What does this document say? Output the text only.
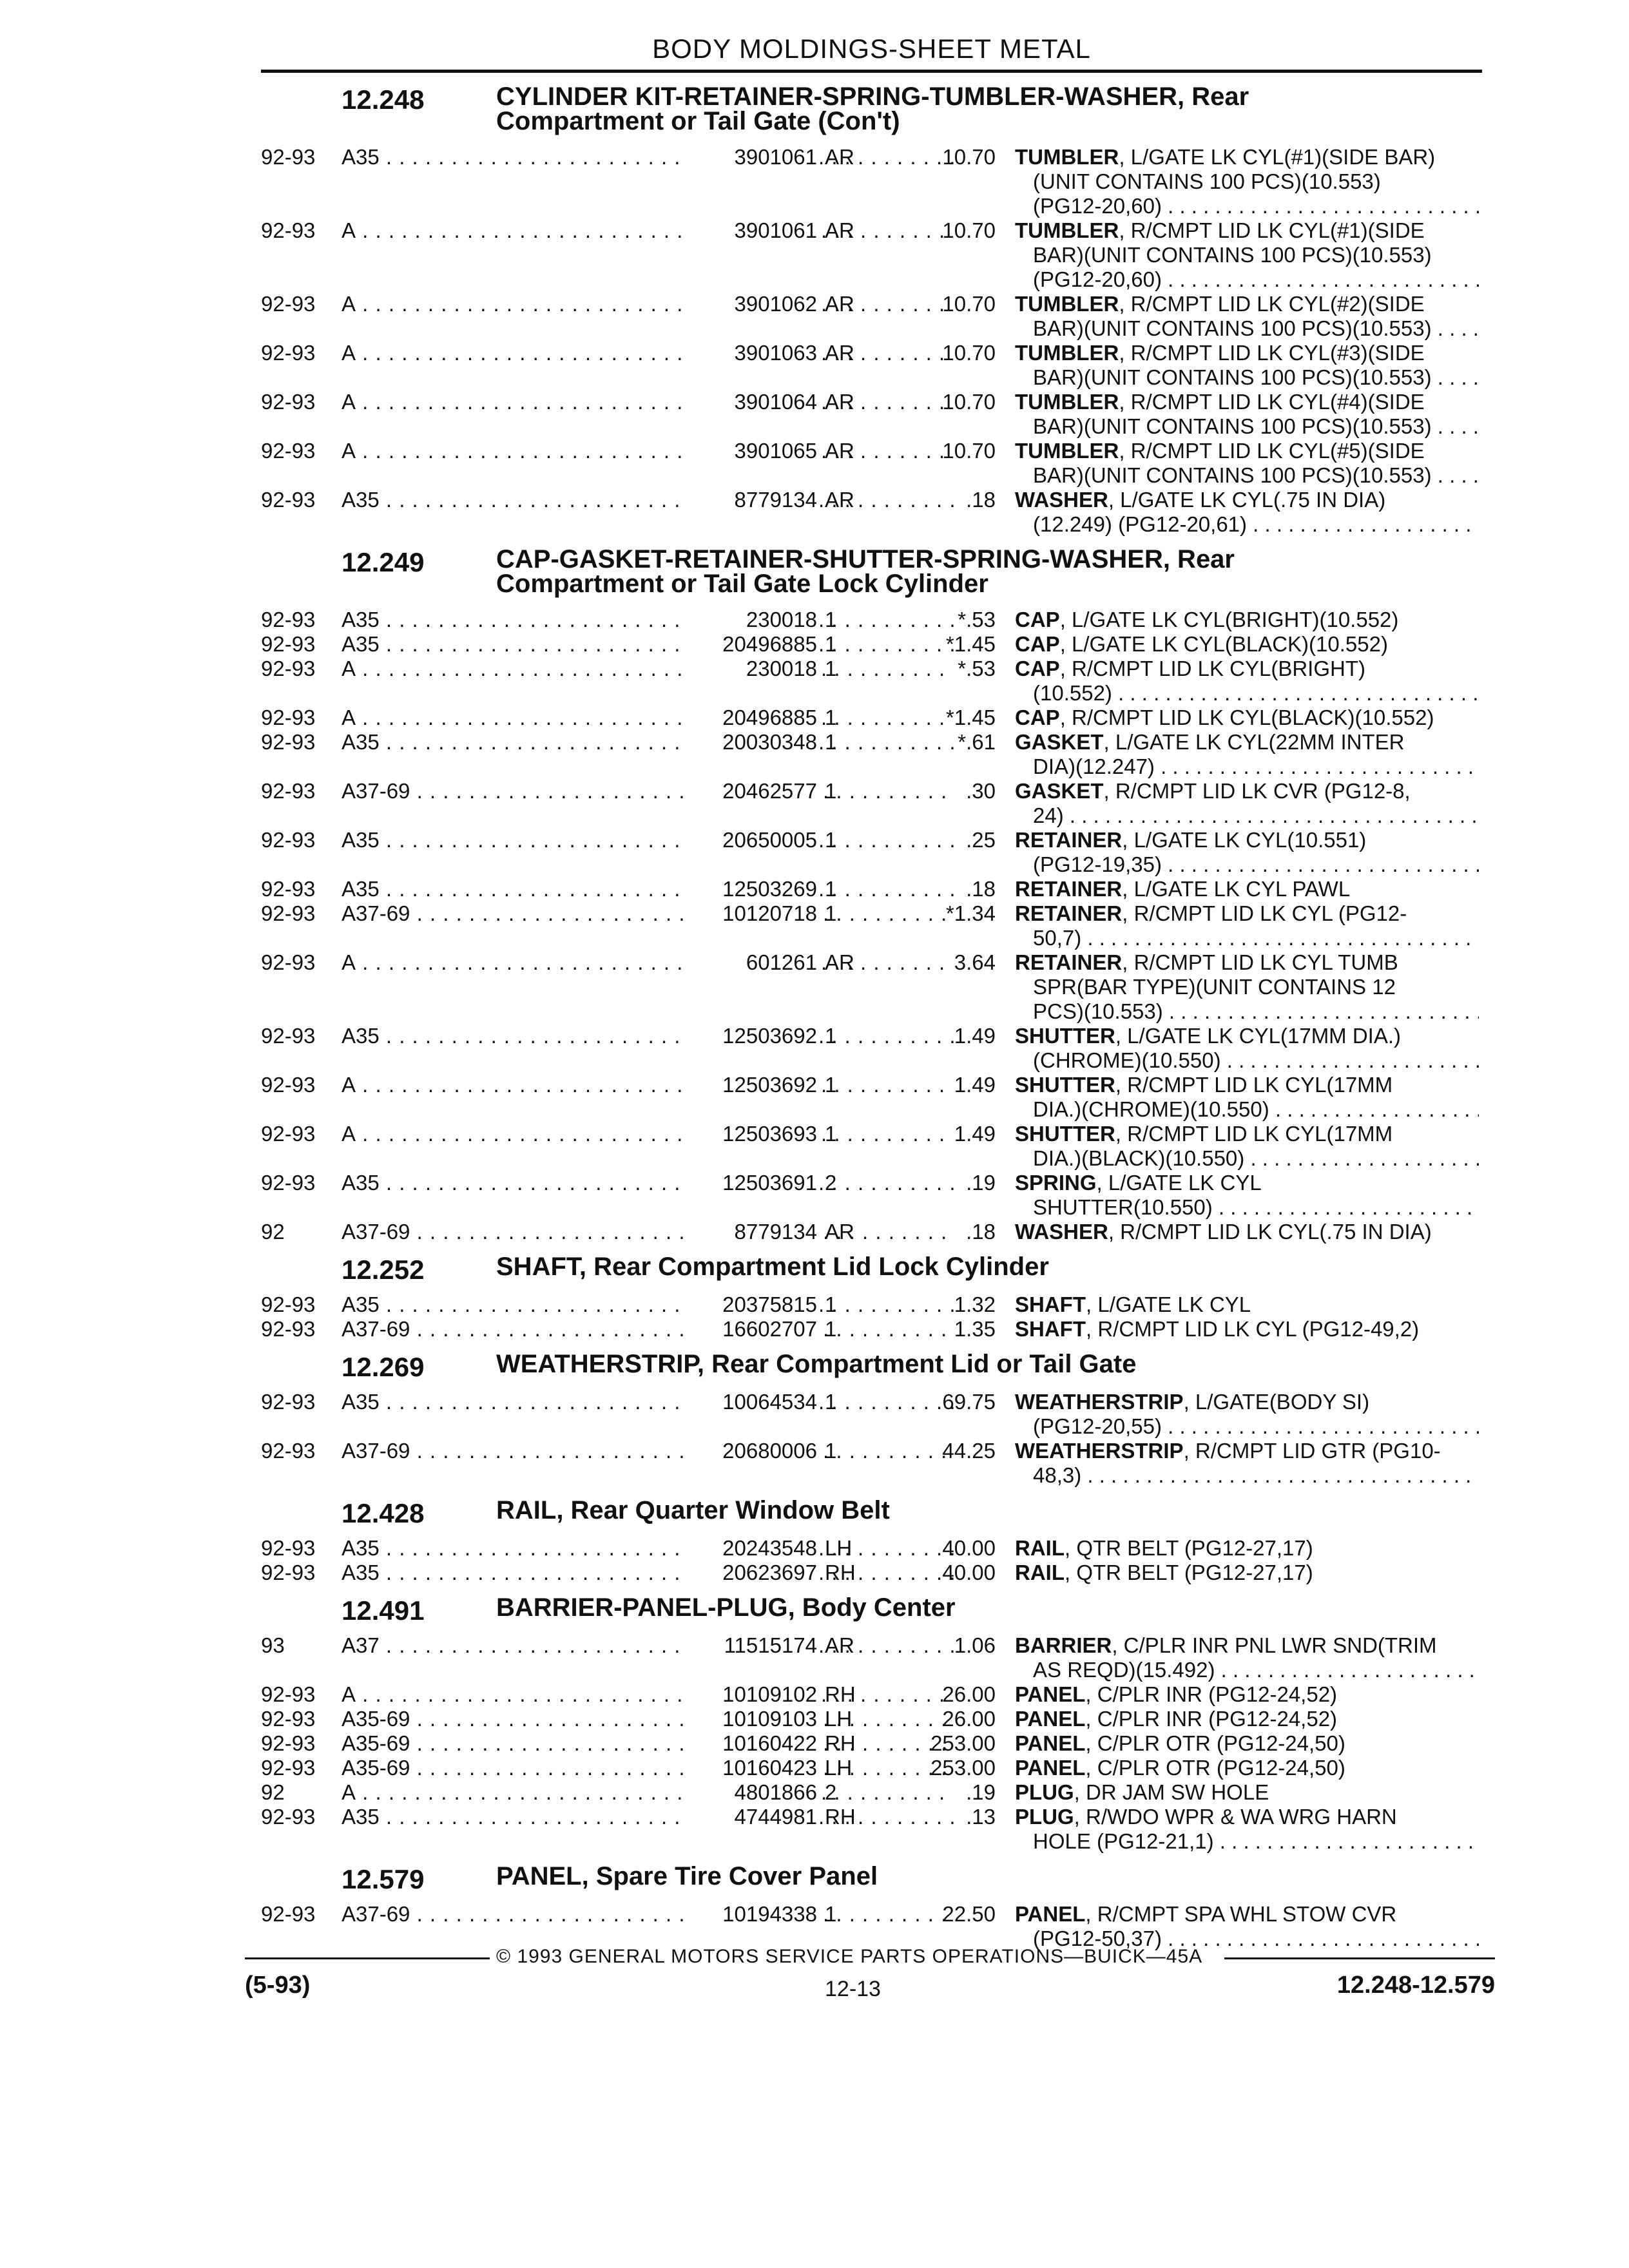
BODY MOLDINGS-SHEET METAL
12.248	CYLINDER KIT-RETAINER-SPRING-TUMBLER-WASHER, Rear
Compartment or Tail Gate (Con't)
92-93	A35 . . .	3901061 AR	10.70 TUMBLER, L/GATE LK CYL(#1)(SIDE BAR)
(UNIT CONTAINS 100 PCS)(10.553)
(PG12-20,60) . . .
92-93	A . . .	3901061 AR	10.70 TUMBLER, R/CMPT LID LK CYL(#1)(SIDE
BAR)(UNIT CONTAINS 100 PCS)(10.553)
(PG12-20,60) . . .
92-93	A . . .	3901062 AR	10.70 TUMBLER, R/CMPT LID LK CYL(#2)(SIDE
BAR)(UNIT CONTAINS 100 PCS)(10.553) . . .
92-93	A . . .	3901063 AR	10.70 TUMBLER, R/CMPT LID LK CYL(#3)(SIDE
BAR)(UNIT CONTAINS 100 PCS)(10.553) . . .
92-93	A . . .	3901064 AR	10.70 TUMBLER, R/CMPT LID LK CYL(#4)(SIDE
BAR)(UNIT CONTAINS 100 PCS)(10.553) . . .
92-93	A . . .	3901065 AR	10.70 TUMBLER, R/CMPT LID LK CYL(#5)(SIDE
BAR)(UNIT CONTAINS 100 PCS)(10.553) . . .
92-93	A35 . . .	8779134 AR	.18 WASHER, L/GATE LK CYL(.75 IN DIA)
(12.249) (PG12-20,61) . . .
12.249	CAP-GASKET-RETAINER-SHUTTER-SPRING-WASHER, Rear
Compartment or Tail Gate Lock Cylinder
92-93	A35 . . .	230018 1	*.53 CAP, L/GATE LK CYL(BRIGHT)(10.552)
92-93	A35 . . .	20496885 1	*1.45 CAP, L/GATE LK CYL(BLACK)(10.552)
92-93	A . . .	230018 1	*.53 CAP, R/CMPT LID LK CYL(BRIGHT)
(10.552) . . .
92-93	A . . .	20496885 1	*1.45 CAP, R/CMPT LID LK CYL(BLACK)(10.552)
92-93	A35 . . .	20030348 1	*.61 GASKET, L/GATE LK CYL(22MM INTER
DIA)(12.247) . . .
92-93	A37-69 . . .	20462577 1	.30 GASKET, R/CMPT LID LK CVR (PG12-8,
24) . . .
92-93	A35 . . .	20650005 1	.25 RETAINER, L/GATE LK CYL(10.551)
(PG12-19,35) . . .
92-93	A35 . . .	12503269 1	.18 RETAINER, L/GATE LK CYL PAWL
92-93	A37-69 . . .	10120718 1	*1.34 RETAINER, R/CMPT LID LK CYL (PG12-
50,7) . . .
92-93	A . . .	601261 AR	3.64 RETAINER, R/CMPT LID LK CYL TUMB
SPR(BAR TYPE)(UNIT CONTAINS 12
PCS)(10.553) . . .
92-93	A35 . . .	12503692 1	1.49 SHUTTER, L/GATE LK CYL(17MM DIA.)
(CHROME)(10.550) . . .
92-93	A . . .	12503692 1	1.49 SHUTTER, R/CMPT LID LK CYL(17MM
DIA.)(CHROME)(10.550) . . .
92-93	A . . .	12503693 1	1.49 SHUTTER, R/CMPT LID LK CYL(17MM
DIA.)(BLACK)(10.550) . . .
92-93	A35 . . .	12503691 2	.19 SPRING, L/GATE LK CYL
SHUTTER(10.550) . . .
92	A37-69 . . .	8779134 AR	.18 WASHER, R/CMPT LID LK CYL(.75 IN DIA)
12.252	SHAFT, Rear Compartment Lid Lock Cylinder
92-93	A35 . . .	20375815 1	1.32 SHAFT, L/GATE LK CYL
92-93	A37-69 . . .	16602707 1	1.35 SHAFT, R/CMPT LID LK CYL (PG12-49,2)
12.269	WEATHERSTRIP, Rear Compartment Lid or Tail Gate
92-93	A35 . . .	10064534 1	69.75 WEATHERSTRIP, L/GATE(BODY SI)
(PG12-20,55) . . .
92-93	A37-69 . . .	20680006 1	44.25 WEATHERSTRIP, R/CMPT LID GTR (PG10-
48,3) . . .
12.428	RAIL, Rear Quarter Window Belt
92-93	A35 . . .	20243548 LH	40.00 RAIL, QTR BELT (PG12-27,17)
92-93	A35 . . .	20623697 RH	40.00 RAIL, QTR BELT (PG12-27,17)
12.491	BARRIER-PANEL-PLUG, Body Center
93	A37 . . .	11515174 AR	1.06 BARRIER, C/PLR INR PNL LWR SND(TRIM
AS REQD)(15.492) . . .
92-93	A . . .	10109102 RH	26.00 PANEL, C/PLR INR (PG12-24,52)
92-93	A35-69 . . .	10109103 LH	26.00 PANEL, C/PLR INR (PG12-24,52)
92-93	A35-69 . . .	10160422 RH	253.00 PANEL, C/PLR OTR (PG12-24,50)
92-93	A35-69 . . .	10160423 LH	253.00 PANEL, C/PLR OTR (PG12-24,50)
92	A . . .	4801866 2	.19 PLUG, DR JAM SW HOLE
92-93	A35 . . .	4744981 RH	.13 PLUG, R/WDO WPR & WA WRG HARN
HOLE (PG12-21,1) . . .
12.579	PANEL, Spare Tire Cover Panel
92-93	A37-69 . . .	10194338 1	22.50 PANEL, R/CMPT SPA WHL STOW CVR
(PG12-50,37) . . .
© 1993 GENERAL MOTORS SERVICE PARTS OPERATIONS—BUICK—45A
(5-93)	12-13	12.248-12.579
